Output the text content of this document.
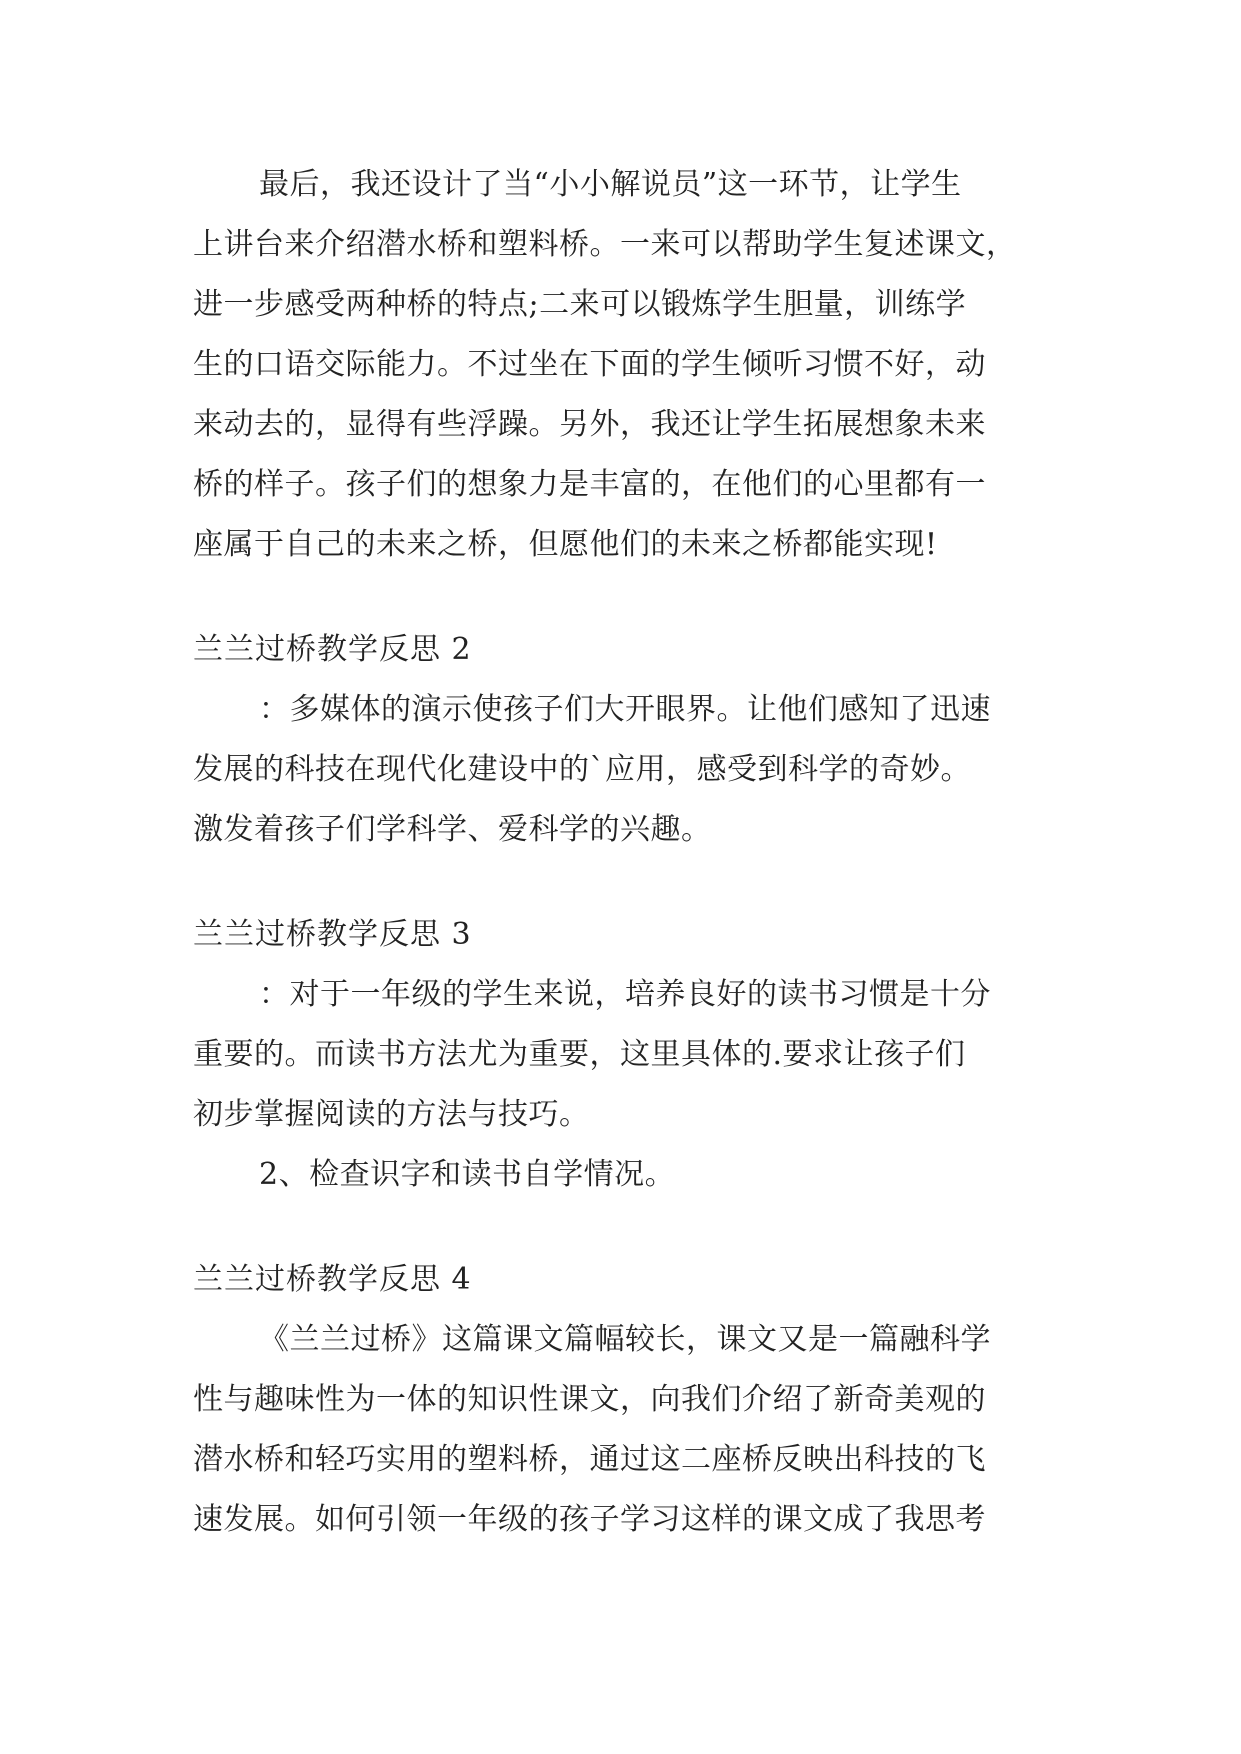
最后，我还设计了当“小小解说员”这一环节，让学生
上讲台来介绍潜水桥和塑料桥。一来可以帮助学生复述课文，
进一步感受两种桥的特点;二来可以锻炼学生胆量，训练学
生的口语交际能力。不过坐在下面的学生倾听习惯不好，动
来动去的，显得有些浮躁。另外，我还让学生拓展想象未来
桥的样子。孩子们的想象力是丰富的，在他们的心里都有一
座属于自己的未来之桥，但愿他们的未来之桥都能实现!
兰兰过桥教学反思 2
：多媒体的演示使孩子们大开眼界。让他们感知了迅速
发展的科技在现代化建设中的`应用，感受到科学的奇妙。
激发着孩子们学科学、爱科学的兴趣。
兰兰过桥教学反思 3
：对于一年级的学生来说，培养良好的读书习惯是十分
重要的。而读书方法尤为重要，这里具体的.要求让孩子们
初步掌握阅读的方法与技巧。
2、检查识字和读书自学情况。
兰兰过桥教学反思 4
《兰兰过桥》这篇课文篇幅较长，课文又是一篇融科学
性与趣味性为一体的知识性课文，向我们介绍了新奇美观的
潜水桥和轻巧实用的塑料桥，通过这二座桥反映出科技的飞
速发展。如何引领一年级的孩子学习这样的课文成了我思考
